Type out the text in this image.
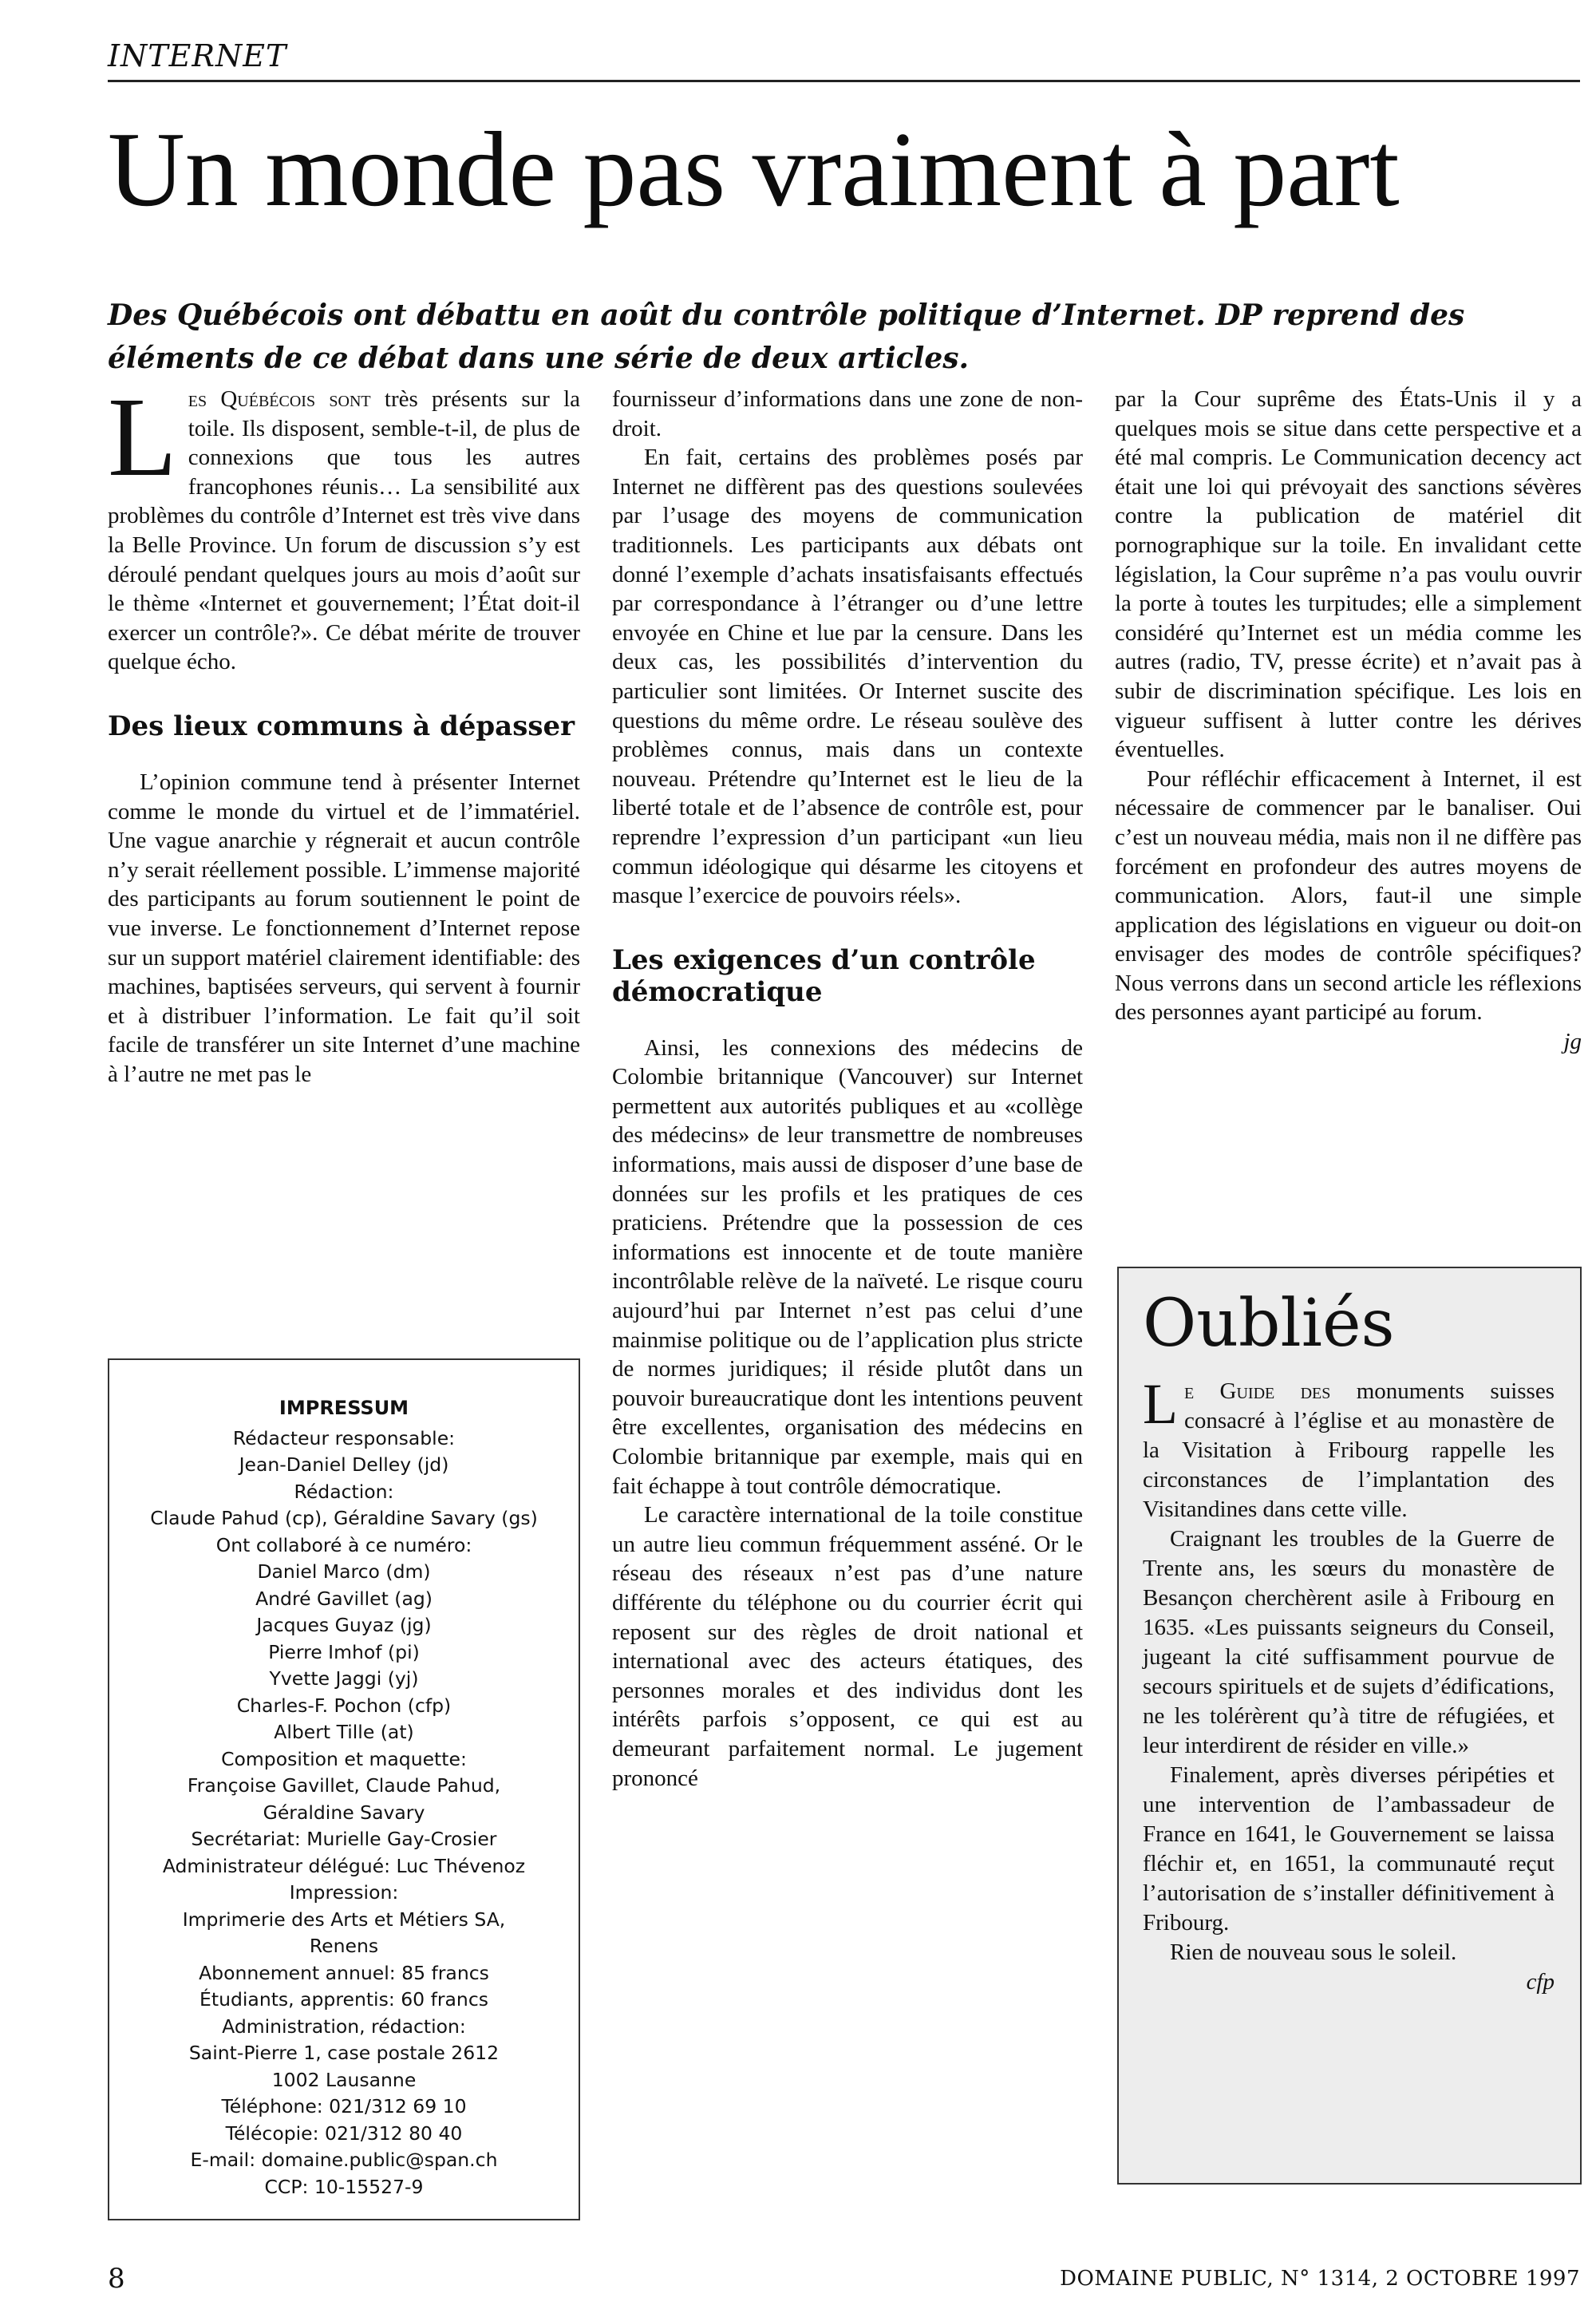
INTERNET
Un monde pas vraiment à part

Des Québécois ont débattu en août du contrôle politique d’Internet. DP reprend des éléments de ce débat dans une série de deux articles.

Les Québécois sont très présents sur la toile. Ils disposent, semble-t-il, de plus de connexions que tous les autres francophones réunis… La sensibilité aux problèmes du contrôle d’Internet est très vive dans la Belle Province. Un forum de discussion s’y est déroulé pendant quelques jours au mois d’août sur le thème «Internet et gouvernement; l’État doit-il exercer un contrôle?». Ce débat mérite de trouver quelque écho.

Des lieux communs à dépasser

L’opinion commune tend à présenter Internet comme le monde du virtuel et de l’immatériel. Une vague anarchie y régnerait et aucun contrôle n’y serait réellement possible. L’immense majorité des participants au forum soutiennent le point de vue inverse. Le fonctionnement d’Internet repose sur un support matériel clairement identifiable: des machines, baptisées serveurs, qui servent à fournir et à distribuer l’information. Le fait qu’il soit facile de transférer un site Internet d’une machine à l’autre ne met pas le

fournisseur d’informations dans une zone de non-droit.

En fait, certains des problèmes posés par Internet ne diffèrent pas des questions soulevées par l’usage des moyens de communication traditionnels. Les participants aux débats ont donné l’exemple d’achats insatisfaisants effectués par correspondance à l’étranger ou d’une lettre envoyée en Chine et lue par la censure. Dans les deux cas, les possibilités d’intervention du particulier sont limitées. Or Internet suscite des questions du même ordre. Le réseau soulève des problèmes connus, mais dans un contexte nouveau. Prétendre qu’Internet est le lieu de la liberté totale et de l’absence de contrôle est, pour reprendre l’expression d’un participant «un lieu commun idéologique qui désarme les citoyens et masque l’exercice de pouvoirs réels».

Les exigences d’un contrôle démocratique

Ainsi, les connexions des médecins de Colombie britannique (Vancouver) sur Internet permettent aux autorités publiques et au «collège des médecins» de leur transmettre de nombreuses informations, mais aussi de disposer d’une base de données sur les profils et les pratiques de ces praticiens. Prétendre que la possession de ces informations est innocente et de toute manière incontrôlable relève de la naïveté. Le risque couru aujourd’hui par Internet n’est pas celui d’une mainmise politique ou de l’application plus stricte de normes juridiques; il réside plutôt dans un pouvoir bureaucratique dont les intentions peuvent être excellentes, organisation des médecins en Colombie britannique par exemple, mais qui en fait échappe à tout contrôle démocratique.

Le caractère international de la toile constitue un autre lieu commun fréquemment asséné. Or le réseau des réseaux n’est pas d’une nature différente du téléphone ou du courrier écrit qui reposent sur des règles de droit national et international avec des acteurs étatiques, des personnes morales et des individus dont les intérêts parfois s’opposent, ce qui est au demeurant parfaitement normal. Le jugement prononcé

par la Cour suprême des États-Unis il y a quelques mois se situe dans cette perspective et a été mal compris. Le Communication decency act était une loi qui prévoyait des sanctions sévères contre la publication de matériel dit pornographique sur la toile. En invalidant cette législation, la Cour suprême n’a pas voulu ouvrir la porte à toutes les turpitudes; elle a simplement considéré qu’Internet est un média comme les autres (radio, TV, presse écrite) et n’avait pas à subir de discrimination spécifique. Les lois en vigueur suffisent à lutter contre les dérives éventuelles.

Pour réfléchir efficacement à Internet, il est nécessaire de commencer par le banaliser. Oui c’est un nouveau média, mais non il ne diffère pas forcément en profondeur des autres moyens de communication. Alors, faut-il une simple application des législations en vigueur ou doit-on envisager des modes de contrôle spécifiques? Nous verrons dans un second article les réflexions des personnes ayant participé au forum.

jg
IMPRESSUM
Rédacteur responsable:
Jean-Daniel Delley (jd)
Rédaction:
Claude Pahud (cp), Géraldine Savary (gs)
Ont collaboré à ce numéro:
Daniel Marco (dm)
André Gavillet (ag)
Jacques Guyaz (jg)
Pierre Imhof (pi)
Yvette Jaggi (yj)
Charles-F. Pochon (cfp)
Albert Tille (at)
Composition et maquette:
Françoise Gavillet, Claude Pahud,
Géraldine Savary
Secrétariat: Murielle Gay-Crosier
Administrateur délégué: Luc Thévenoz
Impression:
Imprimerie des Arts et Métiers SA,
Renens
Abonnement annuel: 85 francs
Étudiants, apprentis: 60 francs
Administration, rédaction:
Saint-Pierre 1, case postale 2612
1002 Lausanne
Téléphone: 021/312 69 10
Télécopie: 021/312 80 40
E-mail: domaine.public@span.ch
CCP: 10-15527-9
Oubliés

Le Guide des monuments suisses consacré à l’église et au monastère de la Visitation à Fribourg rappelle les circonstances de l’implantation des Visitandines dans cette ville.

Craignant les troubles de la Guerre de Trente ans, les sœurs du monastère de Besançon cherchèrent asile à Fribourg en 1635. «Les puissants seigneurs du Conseil, jugeant la cité suffisamment pourvue de secours spirituels et de sujets d’édifications, ne les tolérèrent qu’à titre de réfugiées, et leur interdirent de résider en ville.»

Finalement, après diverses péripéties et une intervention de l’ambassadeur de France en 1641, le Gouvernement se laissa fléchir et, en 1651, la communauté reçut l’autorisation de s’installer définitivement à Fribourg.

Rien de nouveau sous le soleil.

cfp
8	DOMAINE PUBLIC, N° 1314, 2 OCTOBRE 1997
